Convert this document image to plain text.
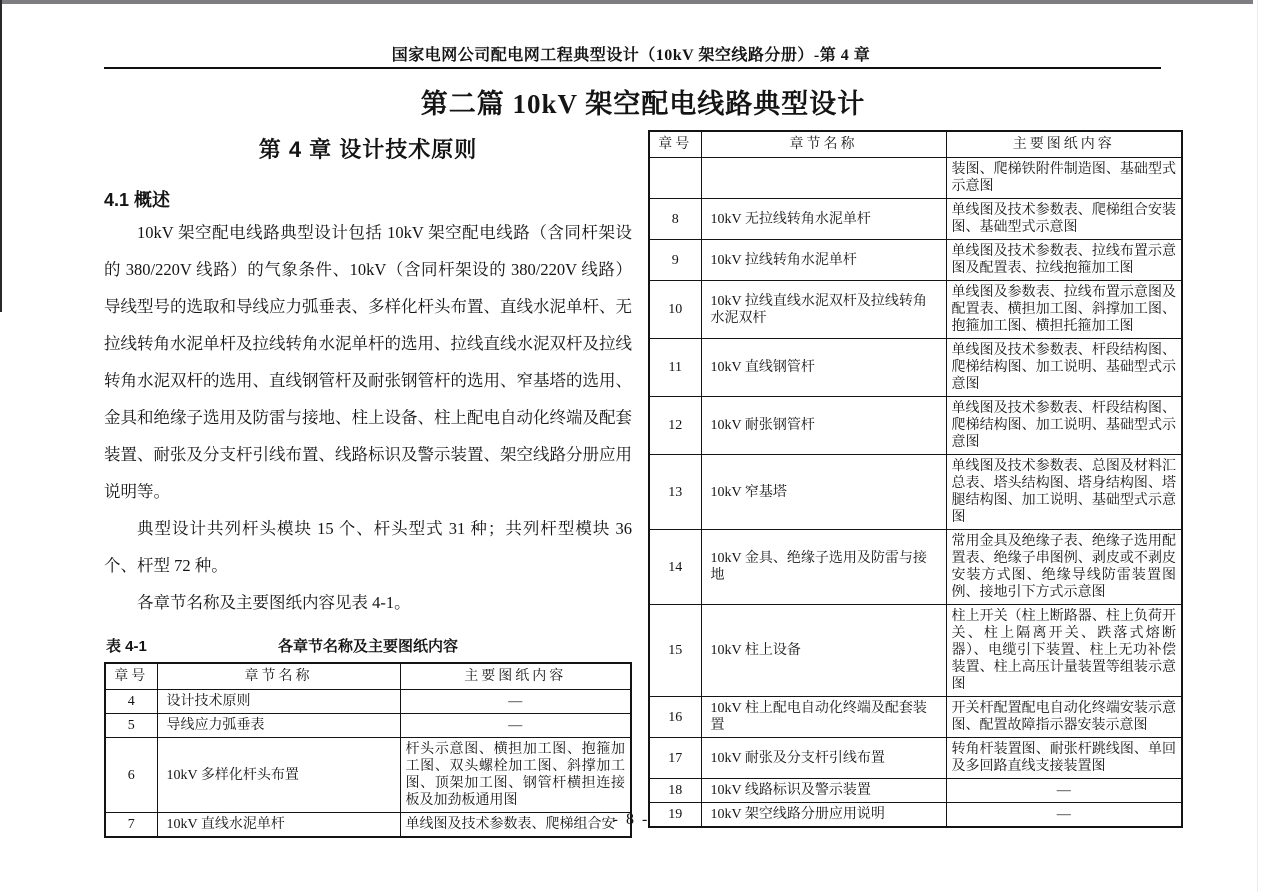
国家电网公司配电网工程典型设计（10kV 架空线路分册）-第 4 章
第二篇 10kV 架空配电线路典型设计
第 4 章 设计技术原则
4.1 概述

10kV 架空配电线路典型设计包括 10kV 架空配电线路（含同杆架设的 380/220V 线路）的气象条件、10kV（含同杆架设的 380/220V 线路）导线型号的选取和导线应力弧垂表、多样化杆头布置、直线水泥单杆、无拉线转角水泥单杆及拉线转角水泥单杆的选用、拉线直线水泥双杆及拉线转角水泥双杆的选用、直线钢管杆及耐张钢管杆的选用、窄基塔的选用、金具和绝缘子选用及防雷与接地、柱上设备、柱上配电自动化终端及配套装置、耐张及分支杆引线布置、线路标识及警示装置、架空线路分册应用说明等。

典型设计共列杆头模块 15 个、杆头型式 31 种；共列杆型模块 36 个、杆型 72 种。

各章节名称及主要图纸内容见表 4-1。

表 4-1	各章节名称及主要图纸内容
章号	章节名称	主要图纸内容
4	设计技术原则	—
5	导线应力弧垂表	—
6	10kV 多样化杆头布置	杆头示意图、横担加工图、抱箍加工图、双头螺栓加工图、斜撑加工图、顶架加工图、钢管杆横担连接板及加劲板通用图
7	10kV 直线水泥单杆	单线图及技术参数表、爬梯组合安
章号	章节名称	主要图纸内容
		装图、爬梯铁附件制造图、基础型式示意图
8	10kV 无拉线转角水泥单杆	单线图及技术参数表、爬梯组合安装图、基础型式示意图
9	10kV 拉线转角水泥单杆	单线图及技术参数表、拉线布置示意图及配置表、拉线抱箍加工图
10	10kV 拉线直线水泥双杆及拉线转角水泥双杆	单线图及参数表、拉线布置示意图及配置表、横担加工图、斜撑加工图、抱箍加工图、横担托箍加工图
11	10kV 直线钢管杆	单线图及技术参数表、杆段结构图、爬梯结构图、加工说明、基础型式示意图
12	10kV 耐张钢管杆	单线图及技术参数表、杆段结构图、爬梯结构图、加工说明、基础型式示意图
13	10kV 窄基塔	单线图及技术参数表、总图及材料汇总表、塔头结构图、塔身结构图、塔腿结构图、加工说明、基础型式示意图
14	10kV 金具、绝缘子选用及防雷与接地	常用金具及绝缘子表、绝缘子选用配置表、绝缘子串图例、剥皮或不剥皮安装方式图、绝缘导线防雷装置图例、接地引下方式示意图
15	10kV 柱上设备	柱上开关（柱上断路器、柱上负荷开关、柱上隔离开关、跌落式熔断器）、电缆引下装置、柱上无功补偿装置、柱上高压计量装置等组装示意图
16	10kV 柱上配电自动化终端及配套装置	开关杆配置配电自动化终端安装示意图、配置故障指示器安装示意图
17	10kV 耐张及分支杆引线布置	转角杆装置图、耐张杆跳线图、单回及多回路直线支接装置图
18	10kV 线路标识及警示装置	—
19	10kV 架空线路分册应用说明	—
- 8 -
